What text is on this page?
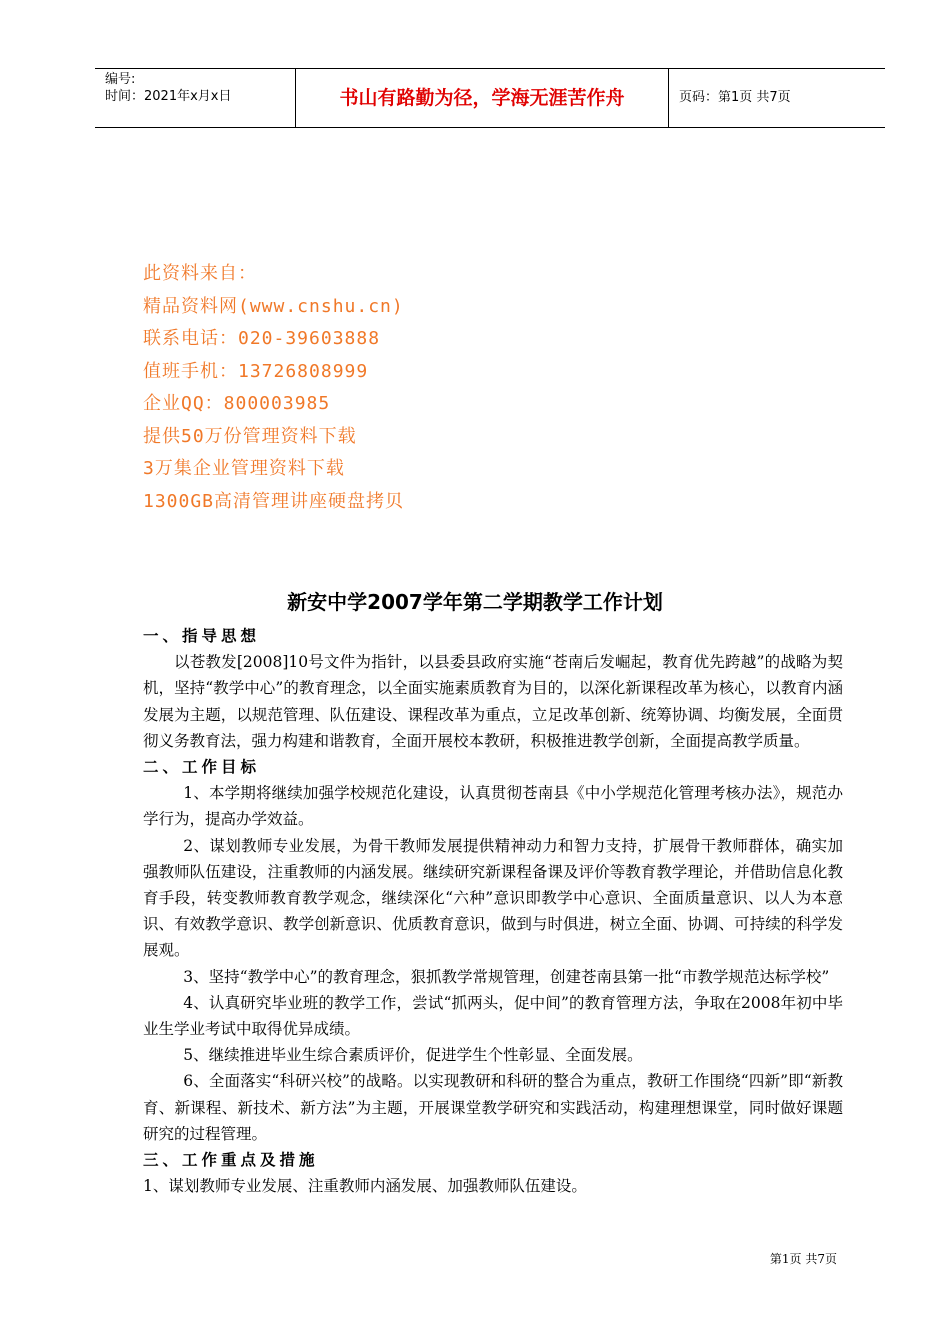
编号:
时间：2021年x月x日	书山有路勤为径，学海无涯苦作舟	页码：第1页 共7页
此资料来自：
精品资料网(www.cnshu.cn)
联系电话：020-39603888
值班手机：13726808999
企业QQ：800003985
提供50万份管理资料下载
3万集企业管理资料下载
1300GB高清管理讲座硬盘拷贝
新安中学2007学年第二学期教学工作计划

一、指导思想

以苍教发[2008]10号文件为指针，以县委县政府实施“苍南后发崛起，教育优先跨越”的战略为契机，坚持“教学中心”的教育理念，以全面实施素质教育为目的，以深化新课程改革为核心，以教育内涵发展为主题，以规范管理、队伍建设、课程改革为重点，立足改革创新、统筹协调、均衡发展，全面贯彻义务教育法，强力构建和谐教育，全面开展校本教研，积极推进教学创新，全面提高教学质量。

二、工作目标

1、本学期将继续加强学校规范化建设，认真贯彻苍南县《中小学规范化管理考核办法》，规范办学行为，提高办学效益。

2、谋划教师专业发展，为骨干教师发展提供精神动力和智力支持，扩展骨干教师群体，确实加强教师队伍建设，注重教师的内涵发展。继续研究新课程备课及评价等教育教学理论，并借助信息化教育手段，转变教师教育教学观念，继续深化“六种”意识即教学中心意识、全面质量意识、以人为本意识、有效教学意识、教学创新意识、优质教育意识，做到与时俱进，树立全面、协调、可持续的科学发展观。

3、坚持“教学中心”的教育理念，狠抓教学常规管理，创建苍南县第一批“市教学规范达标学校”

4、认真研究毕业班的教学工作，尝试“抓两头，促中间”的教育管理方法，争取在2008年初中毕业生学业考试中取得优异成绩。

5、继续推进毕业生综合素质评价，促进学生个性彰显、全面发展。

6、全面落实“科研兴校”的战略。以实现教研和科研的整合为重点，教研工作围绕“四新”即“新教育、新课程、新技术、新方法”为主题，开展课堂教学研究和实践活动，构建理想课堂，同时做好课题研究的过程管理。

三、工作重点及措施

1、谋划教师专业发展、注重教师内涵发展、加强教师队伍建设。

第1页 共7页
